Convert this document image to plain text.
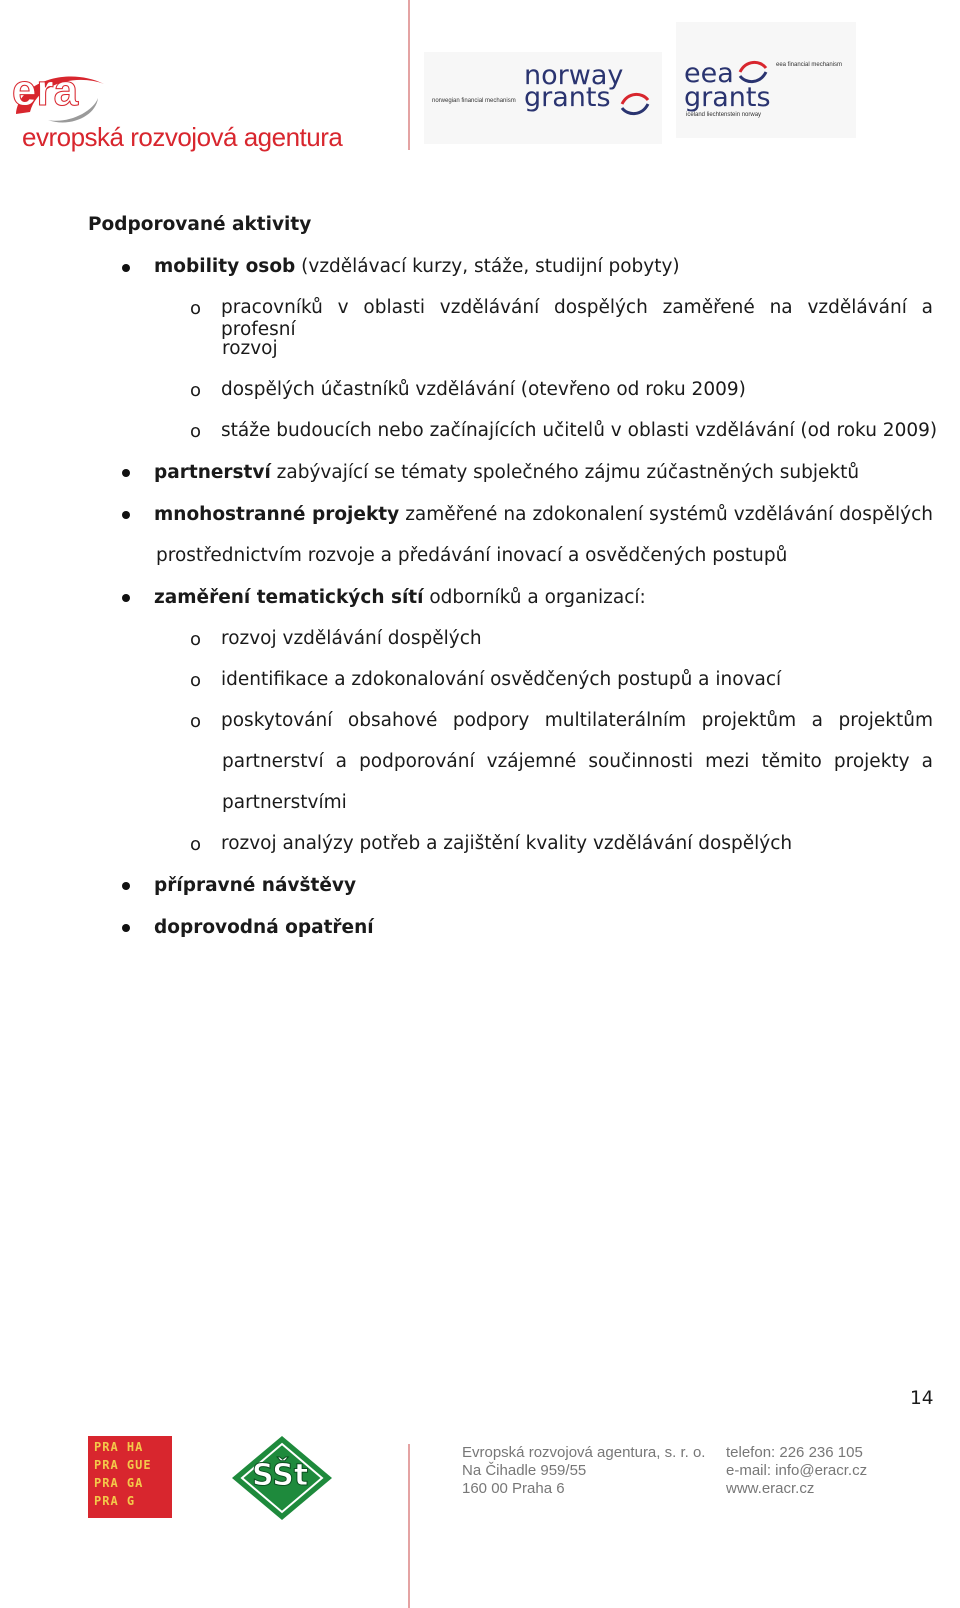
era
evropská rozvojová agentura
norway
grants
norwegian financial mechanism
eea
grants
eea financial mechanism
iceland liechtenstein norway
Podporované aktivity
mobility osob (vzdělávací kurzy, stáže, studijní pobyty)
o pracovníků v oblasti vzdělávání dospělých zaměřené na vzdělávání a profesní
rozvoj
o dospělých účastníků vzdělávání (otevřeno od roku 2009)
o stáže budoucích nebo začínajících učitelů v oblasti vzdělávání (od roku 2009)
partnerství zabývající se tématy společného zájmu zúčastněných subjektů
mnohostranné projekty zaměřené na zdokonalení systémů vzdělávání dospělých
prostřednictvím rozvoje a předávání inovací a osvědčených postupů
zaměření tematických sítí odborníků a organizací:
o rozvoj vzdělávání dospělých
o identifikace a zdokonalování osvědčených postupů a inovací
o poskytování obsahové podpory multilaterálním projektům a projektům
partnerství a podporování vzájemné součinnosti mezi těmito projekty a
partnerstvími
o rozvoj analýzy potřeb a zajištění kvality vzdělávání dospělých
přípravné návštěvy
doprovodná opatření
14
PRA HA
PRA GUE
PRA GA
PRA G
SŠt
Evropská rozvojová agentura, s. r. o.
Na Čihadle 959/55
160 00 Praha 6
telefon: 226 236 105
e-mail: info@eracr.cz
www.eracr.cz
